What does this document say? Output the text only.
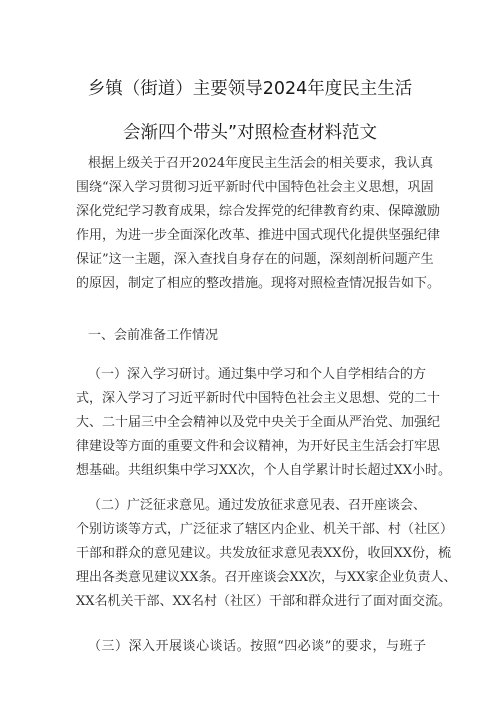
乡镇（街道）主要领导2024年度民主生活
会渐四个带头”对照检查材料范文
根据上级关于召开2024年度民主生活会的相关要求，我认真
围绕“深入学习贯彻习近平新时代中国特色社会主义思想，巩固
深化党纪学习教育成果，综合发挥党的纪律教育约束、保障激励
作用，为进一步全面深化改革、推进中国式现代化提供坚强纪律
保证”这一主题，深入查找自身存在的问题，深刻剖析问题产生
的原因，制定了相应的整改措施。现将对照检查情况报告如下。
一、会前准备工作情况
（一）深入学习研讨。通过集中学习和个人自学相结合的方
式，深入学习了习近平新时代中国特色社会主义思想、党的二十
大、二十届三中全会精神以及党中央关于全面从严治党、加强纪
律建设等方面的重要文件和会议精神，为开好民主生活会打牢思
想基础。共组织集中学习XX次，个人自学累计时长超过XX小时。
（二）广泛征求意见。通过发放征求意见表、召开座谈会、
个别访谈等方式，广泛征求了辖区内企业、机关干部、村（社区）
干部和群众的意见建议。共发放征求意见表XX份，收回XX份，梳
理出各类意见建议XX条。召开座谈会XX次，与XX家企业负责人、
XX名机关干部、XX名村（社区）干部和群众进行了面对面交流。
（三）深入开展谈心谈话。按照“四必谈”的要求，与班子
